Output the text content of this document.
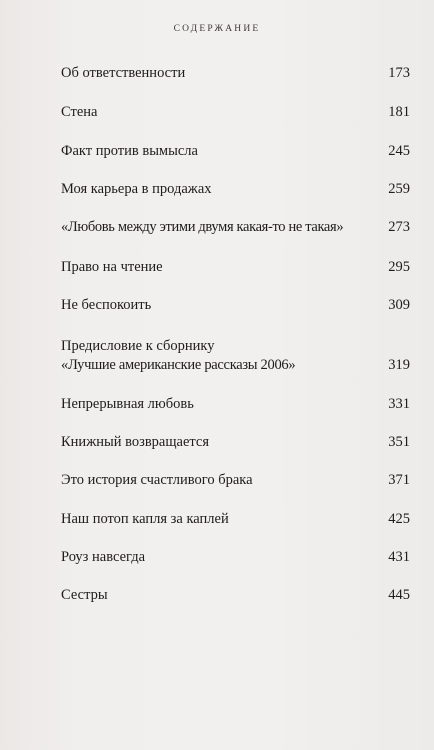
СОДЕРЖАНИЕ
Об ответственности	173
Стена	181
Факт против вымысла	245
Моя карьера в продажах	259
«Любовь между этими двумя какая-то не такая»	273
Право на чтение	295
Не беспокоить	309
Предисловие к сборнику
«Лучшие американские рассказы 2006»	319
Непрерывная любовь	331
Книжный возвращается	351
Это история счастливого брака	371
Наш потоп капля за каплей	425
Роуз навсегда	431
Сестры	445
